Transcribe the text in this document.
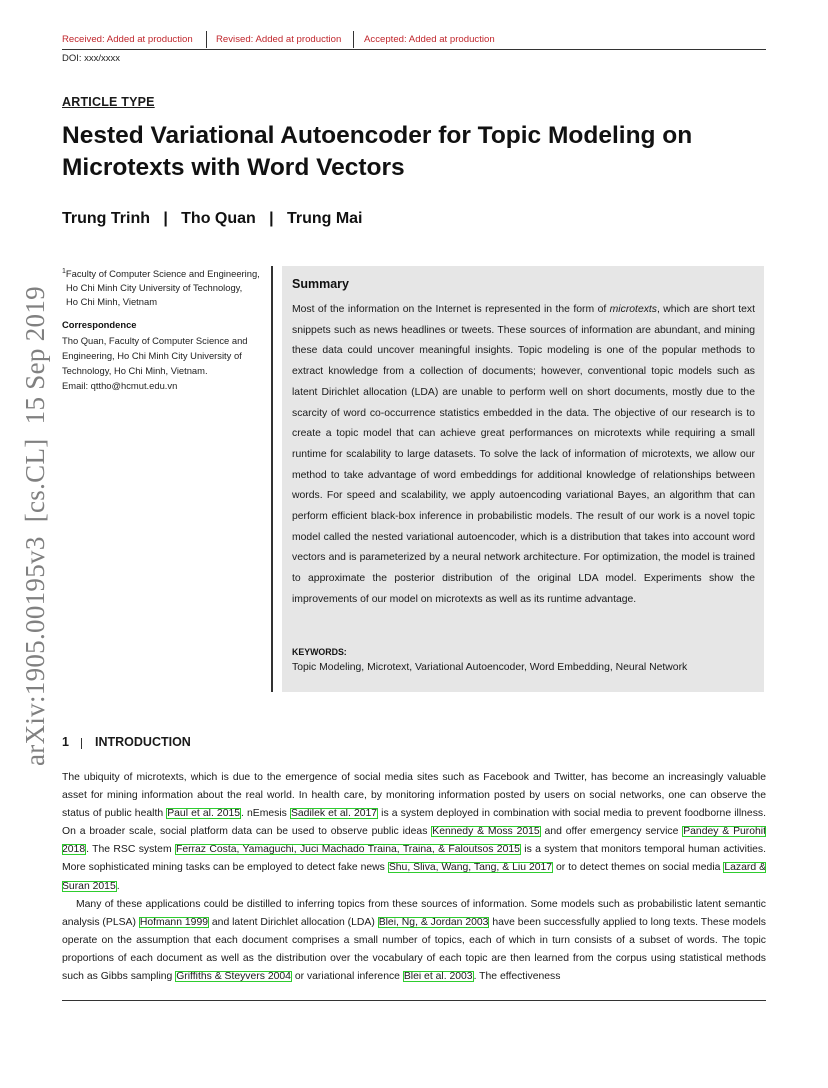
Received: Added at production Revised: Added at production Accepted: Added at production
DOI: xxx/xxxx
ARTICLE TYPE
Nested Variational Autoencoder for Topic Modeling on Microtexts with Word Vectors
Trung Trinh   |   Tho Quan   |   Trung Mai
$^1$Faculty of Computer Science and Engineering,
Ho Chi Minh City University of Technology,
Ho Chi Minh, Vietnam
Correspondence
Tho Quan, Faculty of Computer Science and
Engineering, Ho Chi Minh City University of
Technology, Ho Chi Minh, Vietnam.
Email: qttho@hcmut.edu.vn
arXiv:1905.00195v3  [cs.CL]  15 Sep 2019
Summary
Most of the information on the Internet is represented in the form of microtexts, which are short text snippets such as news headlines or tweets. These sources of information are abundant, and mining these data could uncover meaningful insights. Topic modeling is one of the popular methods to extract knowledge from a collection of documents; however, conventional topic models such as latent Dirichlet allocation (LDA) are unable to perform well on short documents, mostly due to the scarcity of word co-occurrence statistics embedded in the data. The objective of our research is to create a topic model that can achieve great performances on microtexts while requiring a small runtime for scalability to large datasets. To solve the lack of information of microtexts, we allow our method to take advantage of word embeddings for additional knowledge of relationships between words. For speed and scalability, we apply autoencoding variational Bayes, an algorithm that can perform efficient black-box inference in probabilistic models. The result of our work is a novel topic model called the nested variational autoencoder, which is a distribution that takes into account word vectors and is parameterized by a neural network architecture. For optimization, the model is trained to approximate the posterior distribution of the original LDA model. Experiments show the improvements of our model on microtexts as well as its runtime advantage.
KEYWORDS:
Topic Modeling, Microtext, Variational Autoencoder, Word Embedding, Neural Network
1 INTRODUCTION

The ubiquity of microtexts, which is due to the emergence of social media sites such as Facebook and Twitter, has become an increasingly valuable asset for mining information about the real world. In health care, by monitoring information posted by users on social networks, one can observe the status of public health Paul et al. 2015. nEmesis Sadilek et al. 2017 is a system deployed in combination with social media to prevent foodborne illness. On a broader scale, social platform data can be used to observe public ideas Kennedy & Moss 2015 and offer emergency service Pandey & Purohit 2018. The RSC system Ferraz Costa, Yamaguchi, Juci Machado Traina, Traina, & Faloutsos 2015 is a system that monitors temporal human activities. More sophisticated mining tasks can be employed to detect fake news Shu, Sliva, Wang, Tang, & Liu 2017 or to detect themes on social media Lazard & Suran 2015.

Many of these applications could be distilled to inferring topics from these sources of information. Some models such as probabilistic latent semantic analysis (PLSA) Hofmann 1999 and latent Dirichlet allocation (LDA) Blei, Ng, & Jordan 2003 have been successfully applied to long texts. These models operate on the assumption that each document comprises a small number of topics, each of which in turn consists of a subset of words. The topic proportions of each document as well as the distribution over the vocabulary of each topic are then learned from the corpus using statistical methods such as Gibbs sampling Griffiths & Steyvers 2004 or variational inference Blei et al. 2003. The effectiveness
